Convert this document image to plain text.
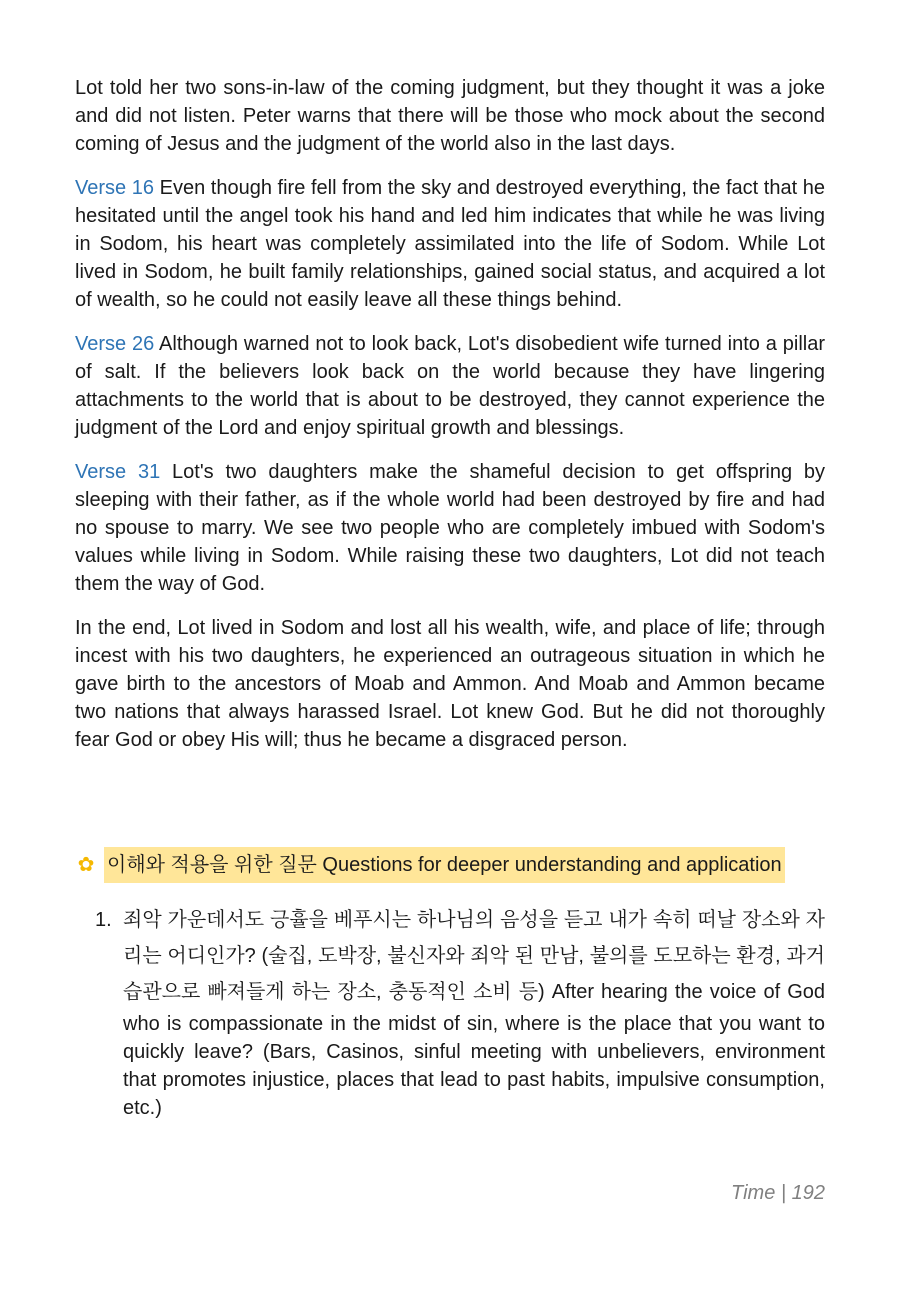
Lot told her two sons-in-law of the coming judgment, but they thought it was a joke and did not listen. Peter warns that there will be those who mock about the second coming of Jesus and the judgment of the world also in the last days.

Verse 16 Even though fire fell from the sky and destroyed everything, the fact that he hesitated until the angel took his hand and led him indicates that while he was living in Sodom, his heart was completely assimilated into the life of Sodom. While Lot lived in Sodom, he built family relationships, gained social status, and acquired a lot of wealth, so he could not easily leave all these things behind.

Verse 26 Although warned not to look back, Lot's disobedient wife turned into a pillar of salt. If the believers look back on the world because they have lingering attachments to the world that is about to be destroyed, they cannot experience the judgment of the Lord and enjoy spiritual growth and blessings.

Verse 31 Lot's two daughters make the shameful decision to get offspring by sleeping with their father, as if the whole world had been destroyed by fire and had no spouse to marry. We see two people who are completely imbued with Sodom's values while living in Sodom. While raising these two daughters, Lot did not teach them the way of God.

In the end, Lot lived in Sodom and lost all his wealth, wife, and place of life; through incest with his two daughters, he experienced an outrageous situation in which he gave birth to the ancestors of Moab and Ammon. And Moab and Ammon became two nations that always harassed Israel. Lot knew God. But he did not thoroughly fear God or obey His will; thus he became a disgraced person.

✿ 이해와 적용을 위한 질문 Questions for deeper understanding and application
1. 죄악 가운데서도 긍휼을 베푸시는 하나님의 음성을 듣고 내가 속히 떠날 장소와 자리는 어디인가? (술집, 도박장, 불신자와 죄악 된 만남, 불의를 도모하는 환경, 과거습관으로 빠져들게 하는 장소, 충동적인 소비 등) After hearing the voice of God who is compassionate in the midst of sin, where is the place that you want to quickly leave? (Bars, Casinos, sinful meeting with unbelievers, environment that promotes injustice, places that lead to past habits, impulsive consumption, etc.)
Time | 192
